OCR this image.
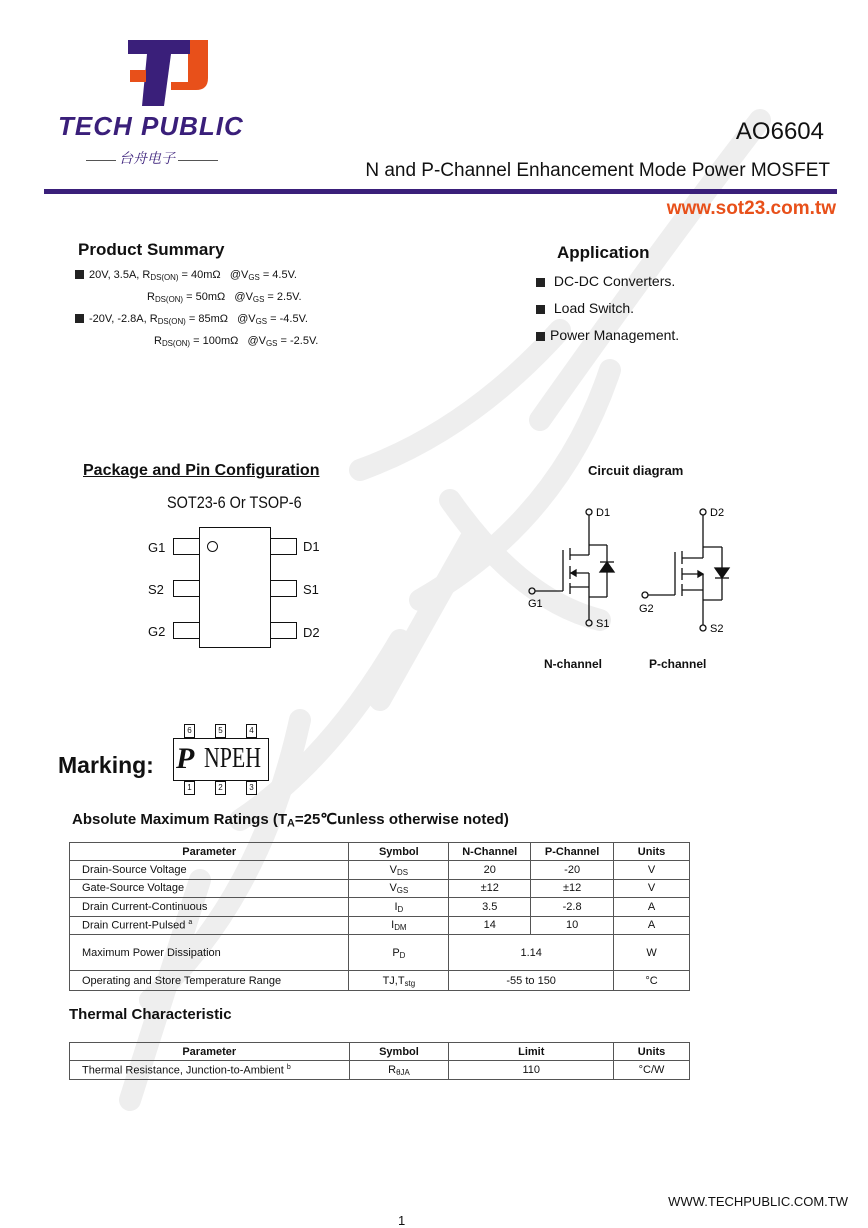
TECH PUBLIC
台舟电子
AO6604
N and P-Channel Enhancement Mode Power MOSFET
www.sot23.com.tw
Product Summary
20V, 3.5A, $R_{DS(ON)} = 40m\Omega$ $@V_{GS} = 4.5V$.
$R_{DS(ON)} = 50m\Omega$ $@V_{GS} = 2.5V$.
-20V, -2.8A, $R_{DS(ON)} = 85m\Omega$ $@V_{GS} = -4.5V$.
$R_{DS(ON)} = 100m\Omega$ $@V_{GS} = -2.5V$.
Application
DC-DC Converters.
Load Switch.
Power Management.
Package and Pin Configuration
SOT23-6 Or TSOP-6
G1
S2
G2
D1
S1
D2
Circuit diagram
D1
G1
S1
D2
G2
S2
N-channel	P-channel
Marking: P NPEH
6	5	4
1	2	3
Absolute Maximum Ratings ($T_A=25℃unless$ otherwise noted)
Parameter	Symbol	N-Channel	P-Channel	Units
Drain-Source Voltage	$V_{DS}$	20	-20	V
Gate-Source Voltage	$V_{GS}$	±12	±12	V
Drain Current-Continuous	$I_D$	3.5	-2.8	A
Drain Current-Pulsed $^a$	$I_{DM}$	14	10	A
Maximum Power Dissipation	$P_D$	1.14		W
Operating and Store Temperature Range	$TJ,T_{stg}$	-55 to 150		°C
Thermal Characteristic
Parameter	Symbol	Limit	Units
Thermal Resistance, Junction-to-Ambient $^b$	$R_{\theta JA}$	110	°C/W
WWW.TECHPUBLIC.COM.TW
1
